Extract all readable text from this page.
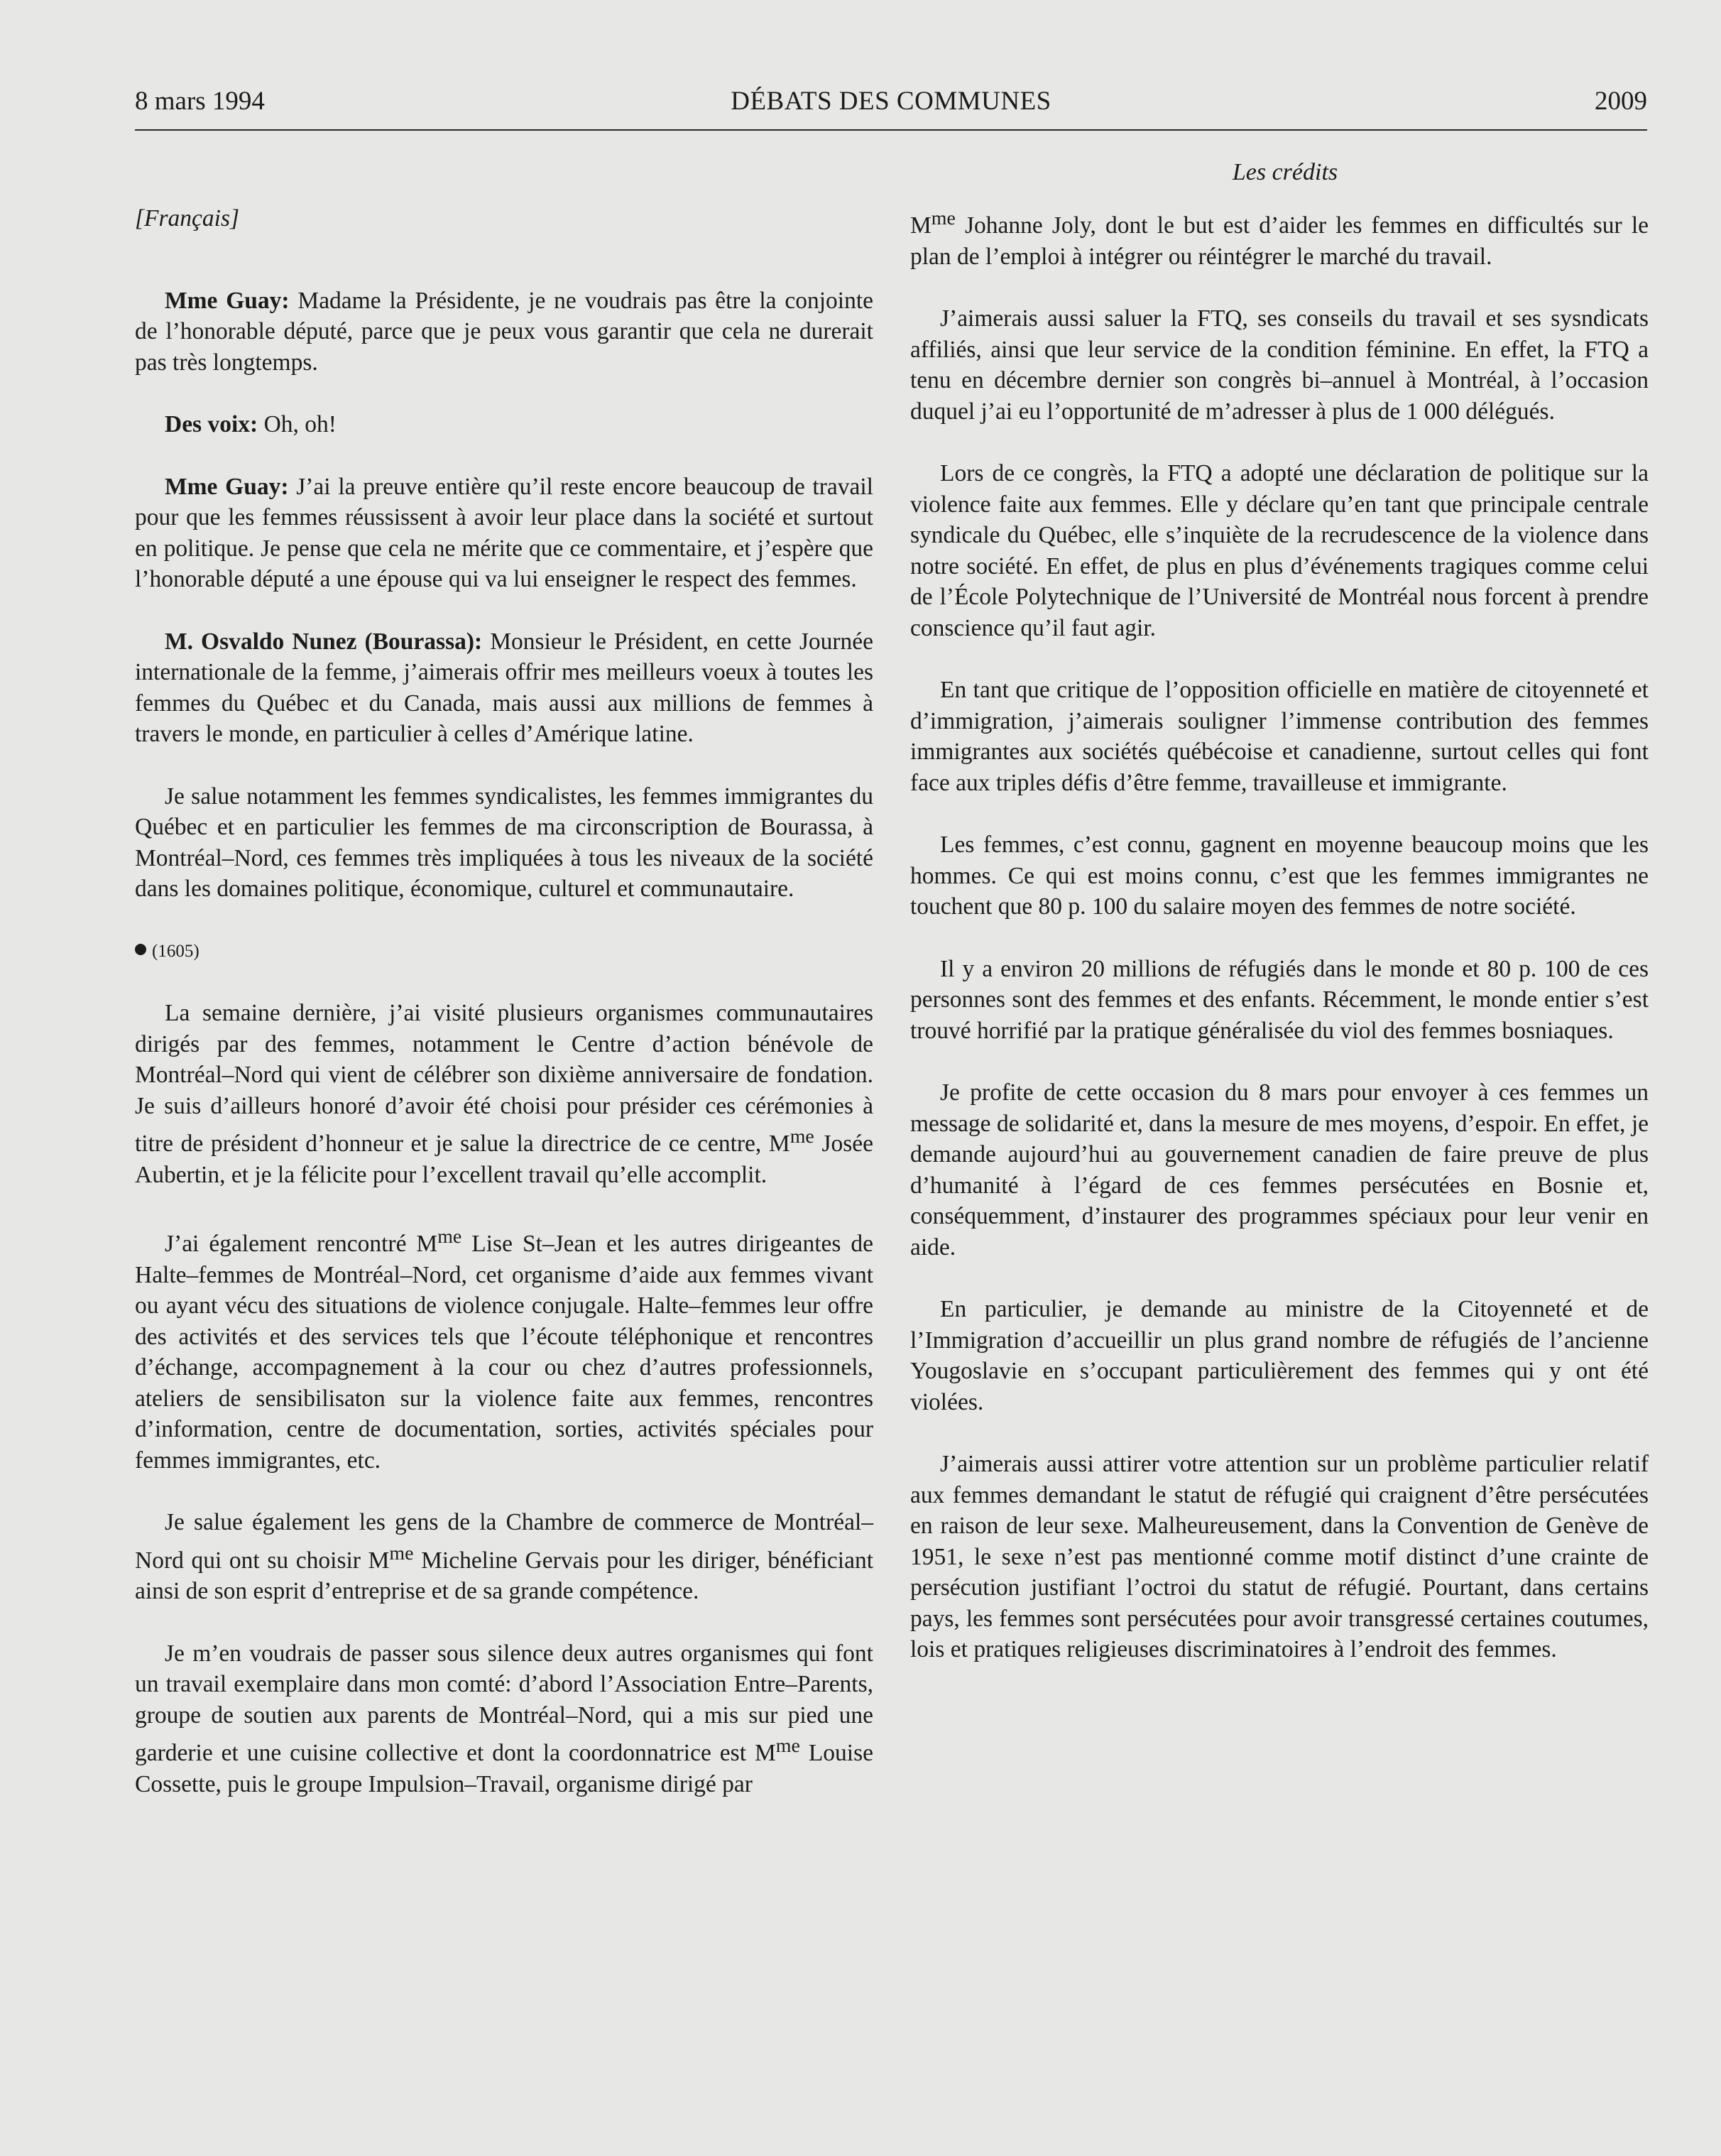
8 mars 1994	DÉBATS DES COMMUNES	2009
Les crédits

[Français]

Mme Guay: Madame la Présidente, je ne voudrais pas être la conjointe de l’honorable député, parce que je peux vous garantir que cela ne durerait pas très longtemps.

Des voix: Oh, oh!

Mme Guay: J’ai la preuve entière qu’il reste encore beaucoup de travail pour que les femmes réussissent à avoir leur place dans la société et surtout en politique. Je pense que cela ne mérite que ce commentaire, et j’espère que l’honorable député a une épouse qui va lui enseigner le respect des femmes.

M. Osvaldo Nunez (Bourassa): Monsieur le Président, en cette Journée internationale de la femme, j’aimerais offrir mes meilleurs voeux à toutes les femmes du Québec et du Canada, mais aussi aux millions de femmes à travers le monde, en particulier à celles d’Amérique latine.

Je salue notamment les femmes syndicalistes, les femmes immigrantes du Québec et en particulier les femmes de ma circonscription de Bourassa, à Montréal–Nord, ces femmes très impliquées à tous les niveaux de la société dans les domaines politique, économique, culturel et communautaire.

(1605)

La semaine dernière, j’ai visité plusieurs organismes communautaires dirigés par des femmes, notamment le Centre d’action bénévole de Montréal–Nord qui vient de célébrer son dixième anniversaire de fondation. Je suis d’ailleurs honoré d’avoir été choisi pour présider ces cérémonies à titre de président d’honneur et je salue la directrice de ce centre, $M^{me}$ Josée Aubertin, et je la félicite pour l’excellent travail qu’elle accomplit.

J’ai également rencontré $M^{me}$ Lise St–Jean et les autres dirigeantes de Halte–femmes de Montréal–Nord, cet organisme d’aide aux femmes vivant ou ayant vécu des situations de violence conjugale. Halte–femmes leur offre des activités et des services tels que l’écoute téléphonique et rencontres d’échange, accompagnement à la cour ou chez d’autres professionnels, ateliers de sensibilisaton sur la violence faite aux femmes, rencontres d’information, centre de documentation, sorties, activités spéciales pour femmes immigrantes, etc.

Je salue également les gens de la Chambre de commerce de Montréal–Nord qui ont su choisir $M^{me}$ Micheline Gervais pour les diriger, bénéficiant ainsi de son esprit d’entreprise et de sa grande compétence.

Je m’en voudrais de passer sous silence deux autres organismes qui font un travail exemplaire dans mon comté: d’abord l’Association Entre–Parents, groupe de soutien aux parents de Montréal–Nord, qui a mis sur pied une garderie et une cuisine collective et dont la coordonnatrice est $M^{me}$ Louise Cossette, puis le groupe Impulsion–Travail, organisme dirigé par

$M^{me}$ Johanne Joly, dont le but est d’aider les femmes en difficultés sur le plan de l’emploi à intégrer ou réintégrer le marché du travail.

J’aimerais aussi saluer la FTQ, ses conseils du travail et ses sysndicats affiliés, ainsi que leur service de la condition féminine. En effet, la FTQ a tenu en décembre dernier son congrès bi–annuel à Montréal, à l’occasion duquel j’ai eu l’opportunité de m’adresser à plus de 1 000 délégués.

Lors de ce congrès, la FTQ a adopté une déclaration de politique sur la violence faite aux femmes. Elle y déclare qu’en tant que principale centrale syndicale du Québec, elle s’inquiète de la recrudescence de la violence dans notre société. En effet, de plus en plus d’événements tragiques comme celui de l’École Polytechnique de l’Université de Montréal nous forcent à prendre conscience qu’il faut agir.

En tant que critique de l’opposition officielle en matière de citoyenneté et d’immigration, j’aimerais souligner l’immense contribution des femmes immigrantes aux sociétés québécoise et canadienne, surtout celles qui font face aux triples défis d’être femme, travailleuse et immigrante.

Les femmes, c’est connu, gagnent en moyenne beaucoup moins que les hommes. Ce qui est moins connu, c’est que les femmes immigrantes ne touchent que 80 p. 100 du salaire moyen des femmes de notre société.

Il y a environ 20 millions de réfugiés dans le monde et 80 p. 100 de ces personnes sont des femmes et des enfants. Récemment, le monde entier s’est trouvé horrifié par la pratique généralisée du viol des femmes bosniaques.

Je profite de cette occasion du 8 mars pour envoyer à ces femmes un message de solidarité et, dans la mesure de mes moyens, d’espoir. En effet, je demande aujourd’hui au gouvernement canadien de faire preuve de plus d’humanité à l’égard de ces femmes persécutées en Bosnie et, conséquemment, d’instaurer des programmes spéciaux pour leur venir en aide.

En particulier, je demande au ministre de la Citoyenneté et de l’Immigration d’accueillir un plus grand nombre de réfugiés de l’ancienne Yougoslavie en s’occupant particulièrement des femmes qui y ont été violées.

J’aimerais aussi attirer votre attention sur un problème particulier relatif aux femmes demandant le statut de réfugié qui craignent d’être persécutées en raison de leur sexe. Malheureusement, dans la Convention de Genève de 1951, le sexe n’est pas mentionné comme motif distinct d’une crainte de persécution justifiant l’octroi du statut de réfugié. Pourtant, dans certains pays, les femmes sont persécutées pour avoir transgressé certaines coutumes, lois et pratiques religieuses discriminatoires à l’endroit des femmes.
